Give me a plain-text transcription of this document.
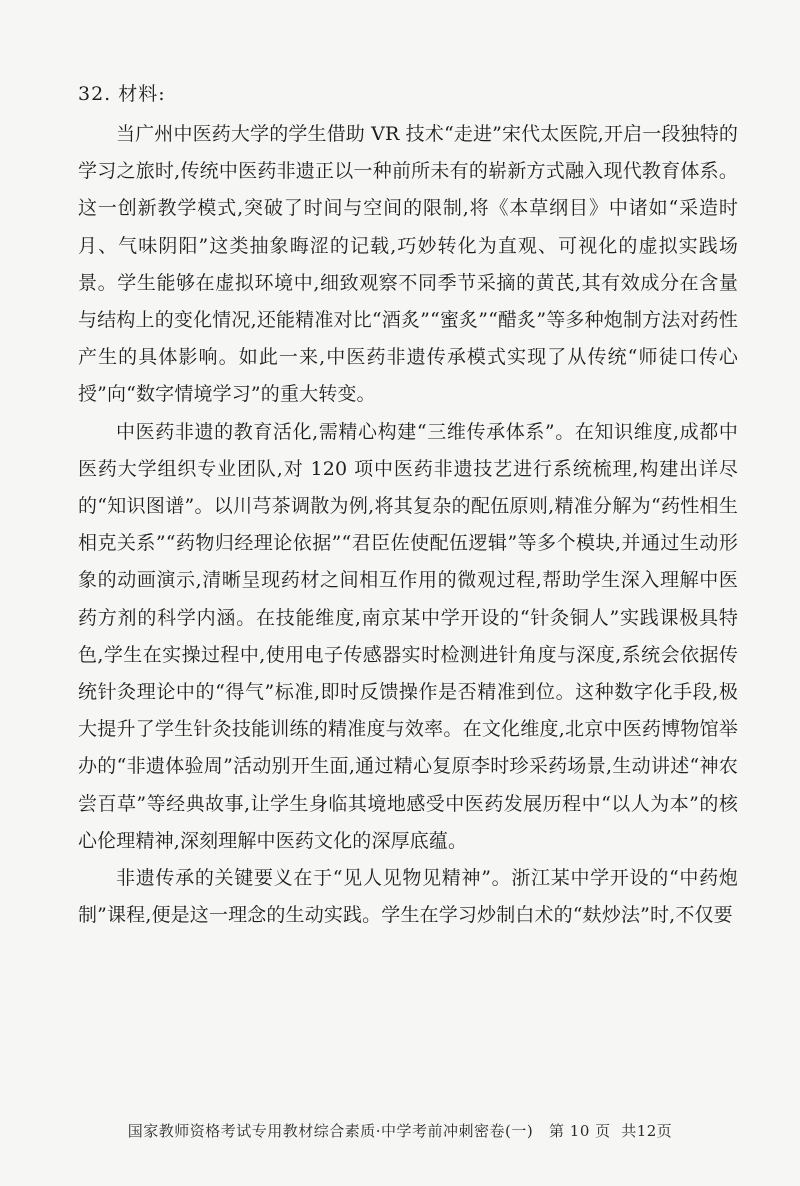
32. 材料:

当广州中医药大学的学生借助 VR 技术“走进”宋代太医院,开启一段独特的学习之旅时,传统中医药非遗正以一种前所未有的崭新方式融入现代教育体系。这一创新教学模式,突破了时间与空间的限制,将《本草纲目》中诸如“采造时月、气味阴阳”这类抽象晦涩的记载,巧妙转化为直观、可视化的虚拟实践场景。学生能够在虚拟环境中,细致观察不同季节采摘的黄芪,其有效成分在含量与结构上的变化情况,还能精准对比“酒炙”“蜜炙”“醋炙”等多种炮制方法对药性产生的具体影响。如此一来,中医药非遗传承模式实现了从传统“师徒口传心授”向“数字情境学习”的重大转变。

中医药非遗的教育活化,需精心构建“三维传承体系”。在知识维度,成都中医药大学组织专业团队,对 120 项中医药非遗技艺进行系统梳理,构建出详尽的“知识图谱”。以川芎茶调散为例,将其复杂的配伍原则,精准分解为“药性相生相克关系”“药物归经理论依据”“君臣佐使配伍逻辑”等多个模块,并通过生动形象的动画演示,清晰呈现药材之间相互作用的微观过程,帮助学生深入理解中医药方剂的科学内涵。在技能维度,南京某中学开设的“针灸铜人”实践课极具特色,学生在实操过程中,使用电子传感器实时检测进针角度与深度,系统会依据传统针灸理论中的“得气”标准,即时反馈操作是否精准到位。这种数字化手段,极大提升了学生针灸技能训练的精准度与效率。在文化维度,北京中医药博物馆举办的“非遗体验周”活动别开生面,通过精心复原李时珍采药场景,生动讲述“神农尝百草”等经典故事,让学生身临其境地感受中医药发展历程中“以人为本”的核心伦理精神,深刻理解中医药文化的深厚底蕴。

非遗传承的关键要义在于“见人见物见精神”。浙江某中学开设的“中药炮制”课程,便是这一理念的生动实践。学生在学习炒制白术的“麸炒法”时,不仅要

国家教师资格考试专用教材综合素质·中学考前冲刺密卷(一) 第 10 页 共12页
